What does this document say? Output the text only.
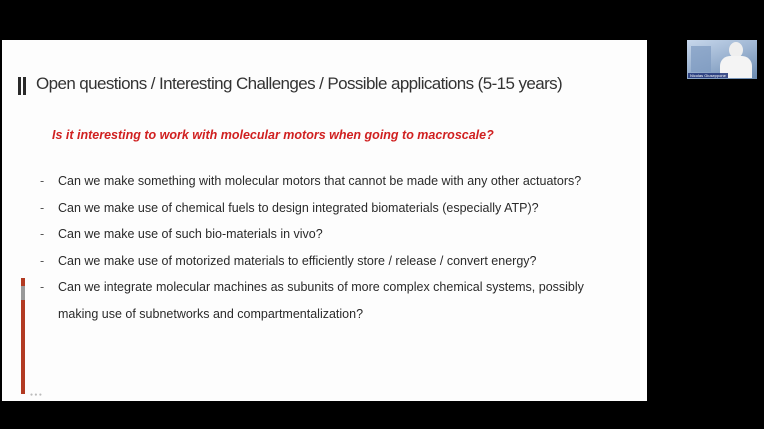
Open questions / Interesting Challenges / Possible applications (5-15 years)
Is it interesting to work with molecular motors when going to macroscale?
- Can we make something with molecular motors that cannot be made with any other actuators?
- Can we make use of chemical fuels to design integrated biomaterials (especially ATP)?
- Can we make use of such bio-materials in vivo?
- Can we make use of motorized materials to efficiently store / release / convert energy?
- Can we integrate molecular machines as subunits of more complex chemical systems, possibly making use of subnetworks and compartmentalization?
● ● ●
Nicolas Giuseppone
